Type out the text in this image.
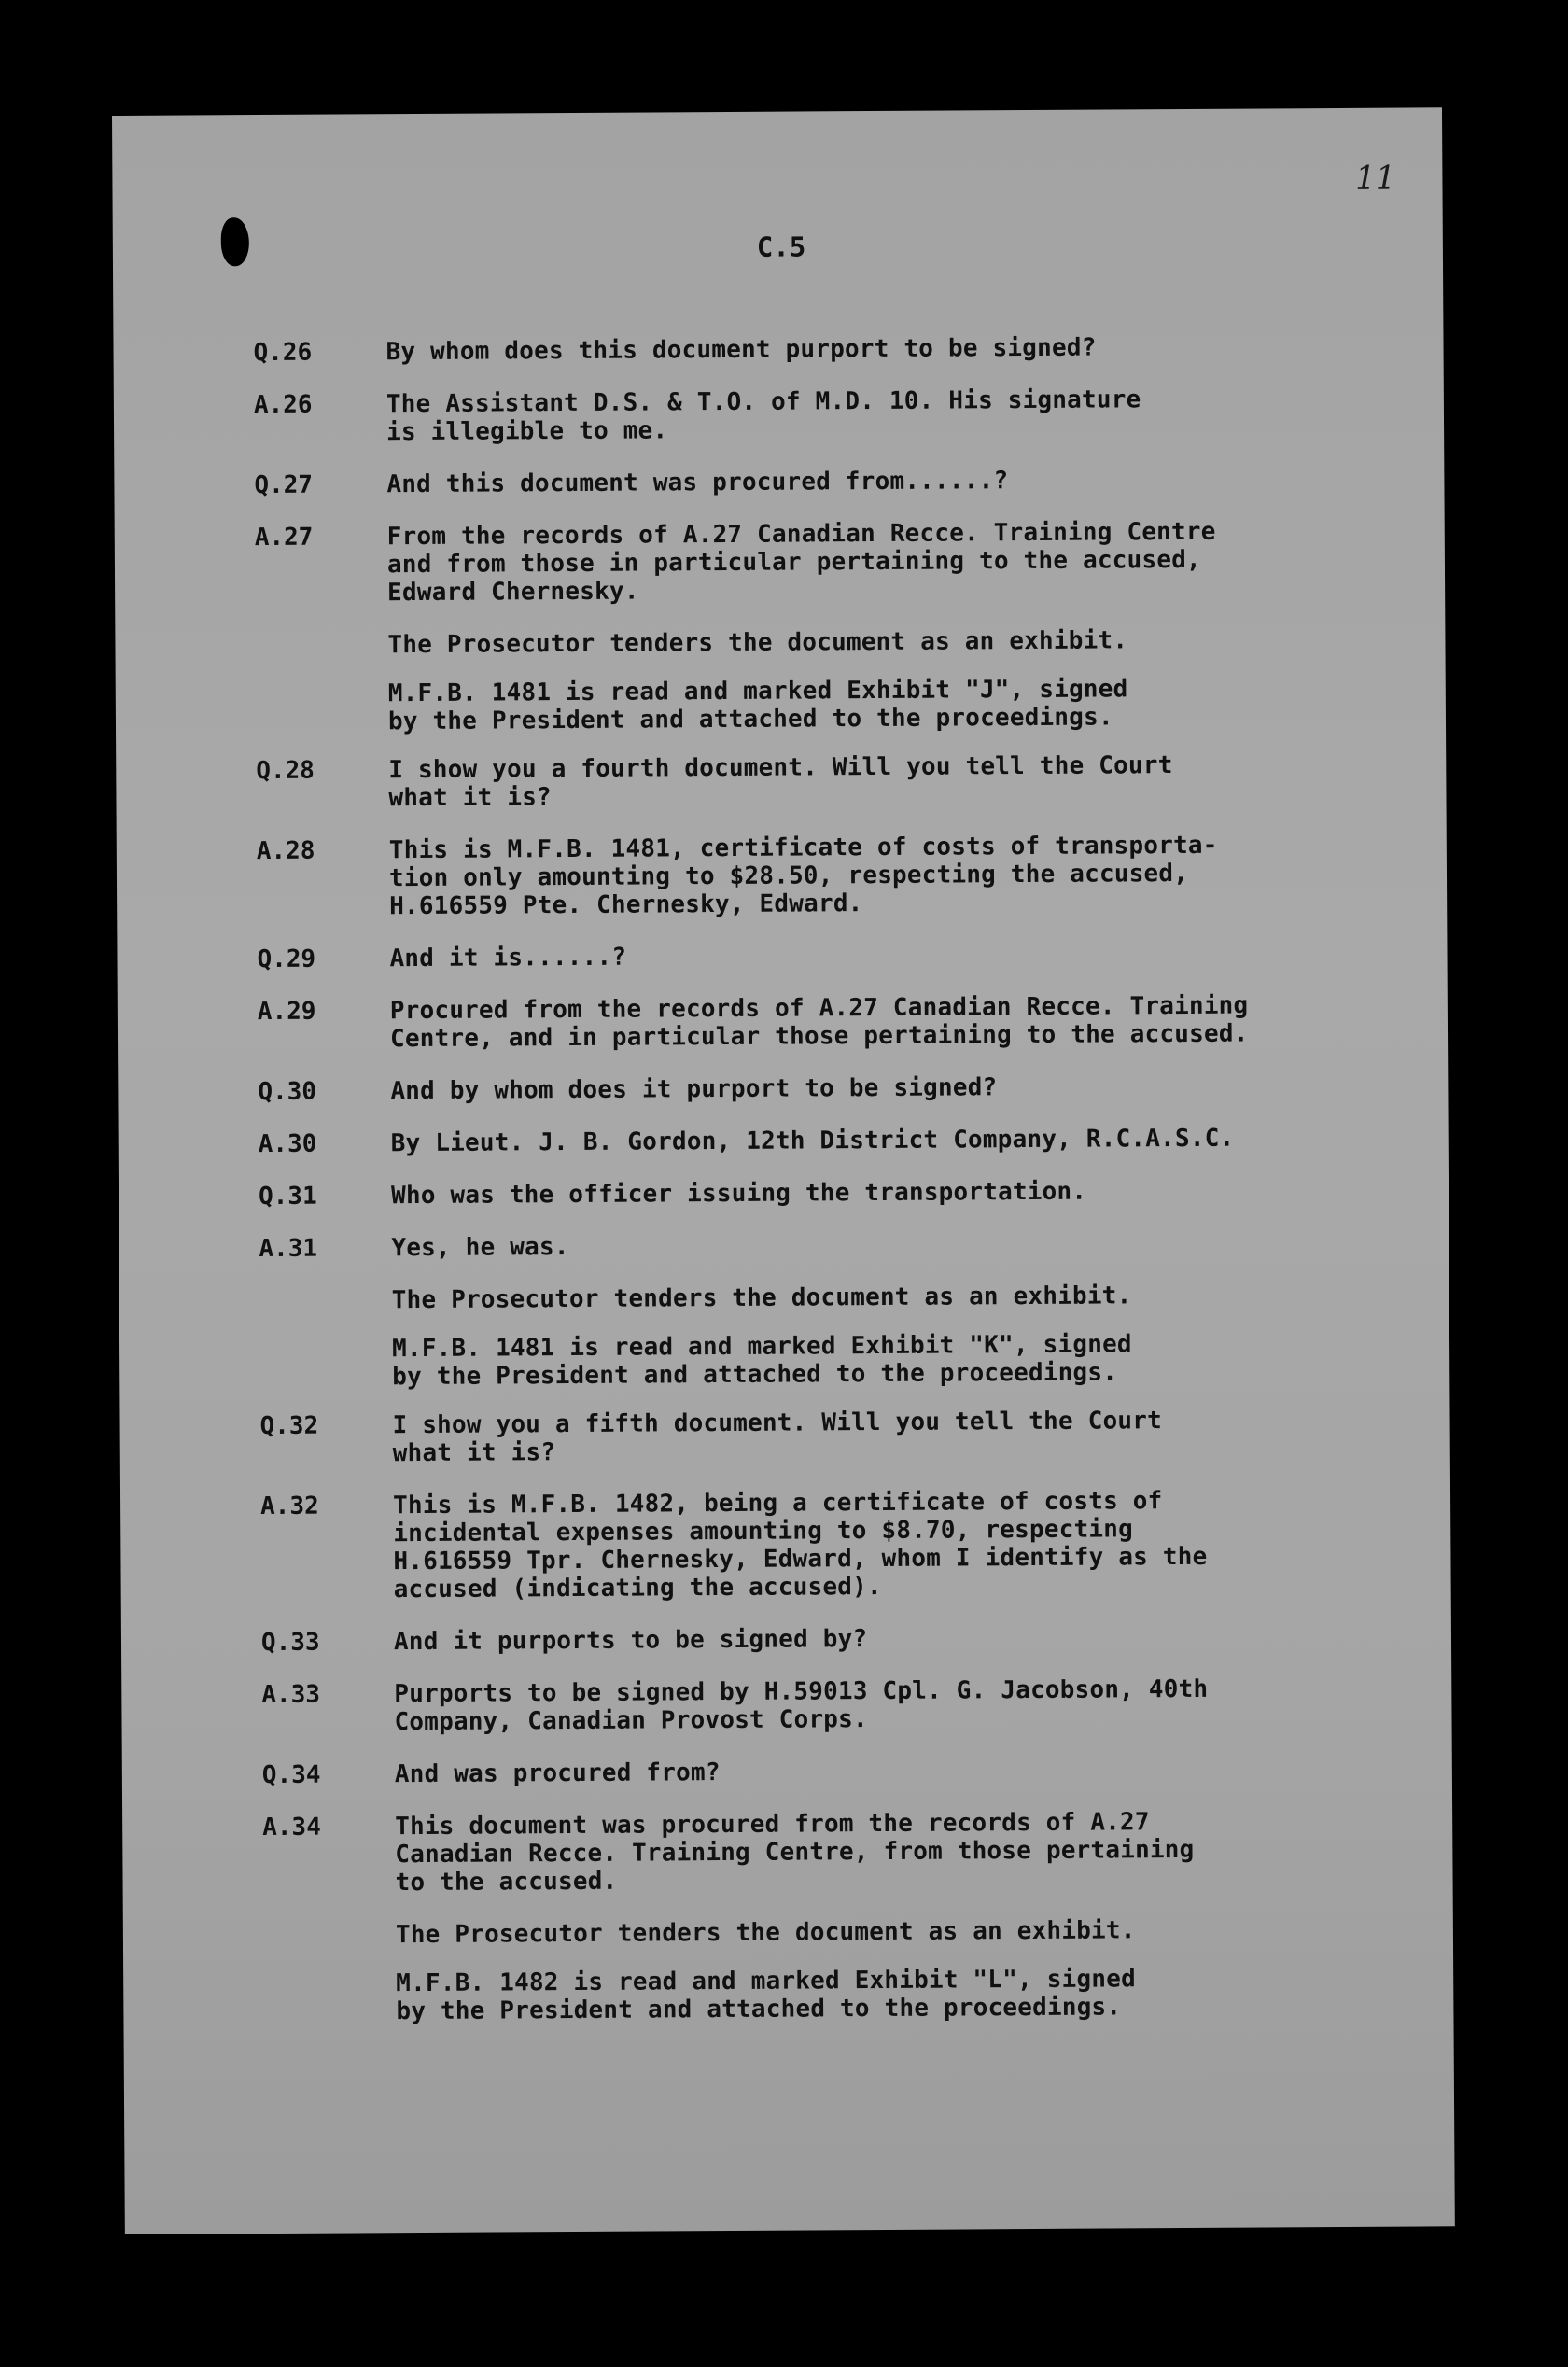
11
C.5
Q.26	By whom does this document purport to be signed?
A.26	The Assistant D.S. & T.O. of M.D. 10. His signature
is illegible to me.
Q.27	And this document was procured from......?
A.27	From the records of A.27 Canadian Recce. Training Centre
and from those in particular pertaining to the accused,
Edward Chernesky.
The Prosecutor tenders the document as an exhibit.
M.F.B. 1481 is read and marked Exhibit "J", signed
by the President and attached to the proceedings.
Q.28	I show you a fourth document. Will you tell the Court
what it is?
A.28	This is M.F.B. 1481, certificate of costs of transporta-
tion only amounting to $28.50, respecting the accused,
H.616559 Pte. Chernesky, Edward.
Q.29	And it is......?
A.29	Procured from the records of A.27 Canadian Recce. Training
Centre, and in particular those pertaining to the accused.
Q.30	And by whom does it purport to be signed?
A.30	By Lieut. J. B. Gordon, 12th District Company, R.C.A.S.C.
Q.31	Who was the officer issuing the transportation.
A.31	Yes, he was.
The Prosecutor tenders the document as an exhibit.
M.F.B. 1481 is read and marked Exhibit "K", signed
by the President and attached to the proceedings.
Q.32	I show you a fifth document. Will you tell the Court
what it is?
A.32	This is M.F.B. 1482, being a certificate of costs of
incidental expenses amounting to $8.70, respecting
H.616559 Tpr. Chernesky, Edward, whom I identify as the
accused (indicating the accused).
Q.33	And it purports to be signed by?
A.33	Purports to be signed by H.59013 Cpl. G. Jacobson, 40th
Company, Canadian Provost Corps.
Q.34	And was procured from?
A.34	This document was procured from the records of A.27
Canadian Recce. Training Centre, from those pertaining
to the accused.
The Prosecutor tenders the document as an exhibit.
M.F.B. 1482 is read and marked Exhibit "L", signed
by the President and attached to the proceedings.
